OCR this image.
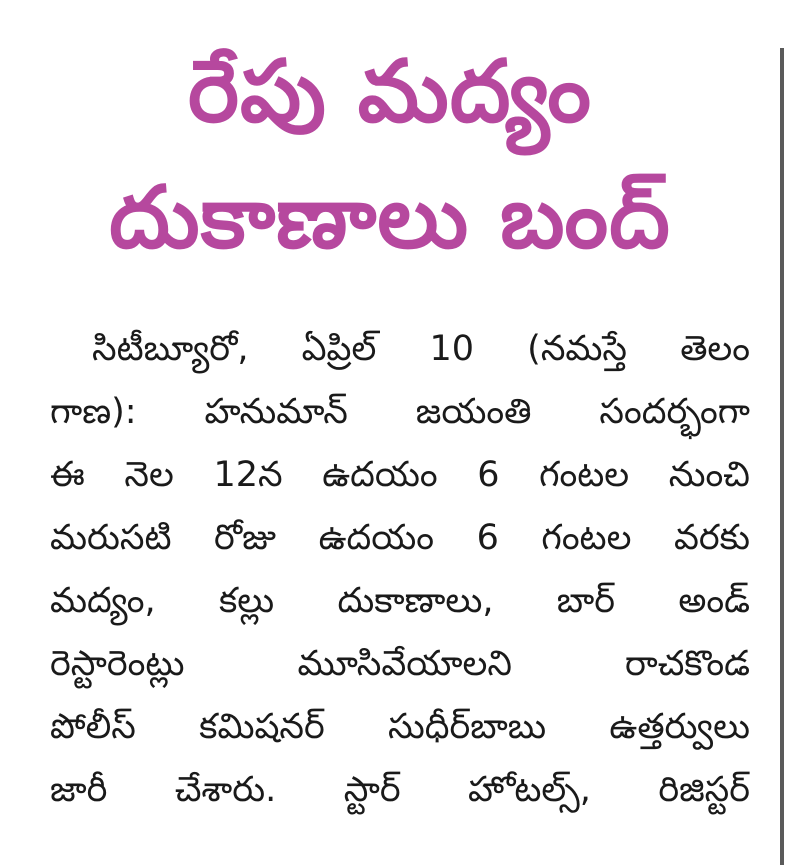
రేపు మద్యం
దుకాణాలు బంద్
సిటీబ్యూరో, ఏప్రిల్ 10 (నమస్తే తెలం
గాణ): హనుమాన్ జయంతి సందర్భంగా
ఈ నెల 12న ఉదయం 6 గంటల నుంచి
మరుసటి రోజు ఉదయం 6 గంటల వరకు
మద్యం, కల్లు దుకాణాలు, బార్ అండ్
రెస్టారెంట్లు మూసివేయాలని రాచకొండ
పోలీస్ కమిషనర్ సుధీర్‌బాబు ఉత్తర్వులు
జారీ చేశారు. స్టార్ హోటల్స్, రిజిస్టర్
